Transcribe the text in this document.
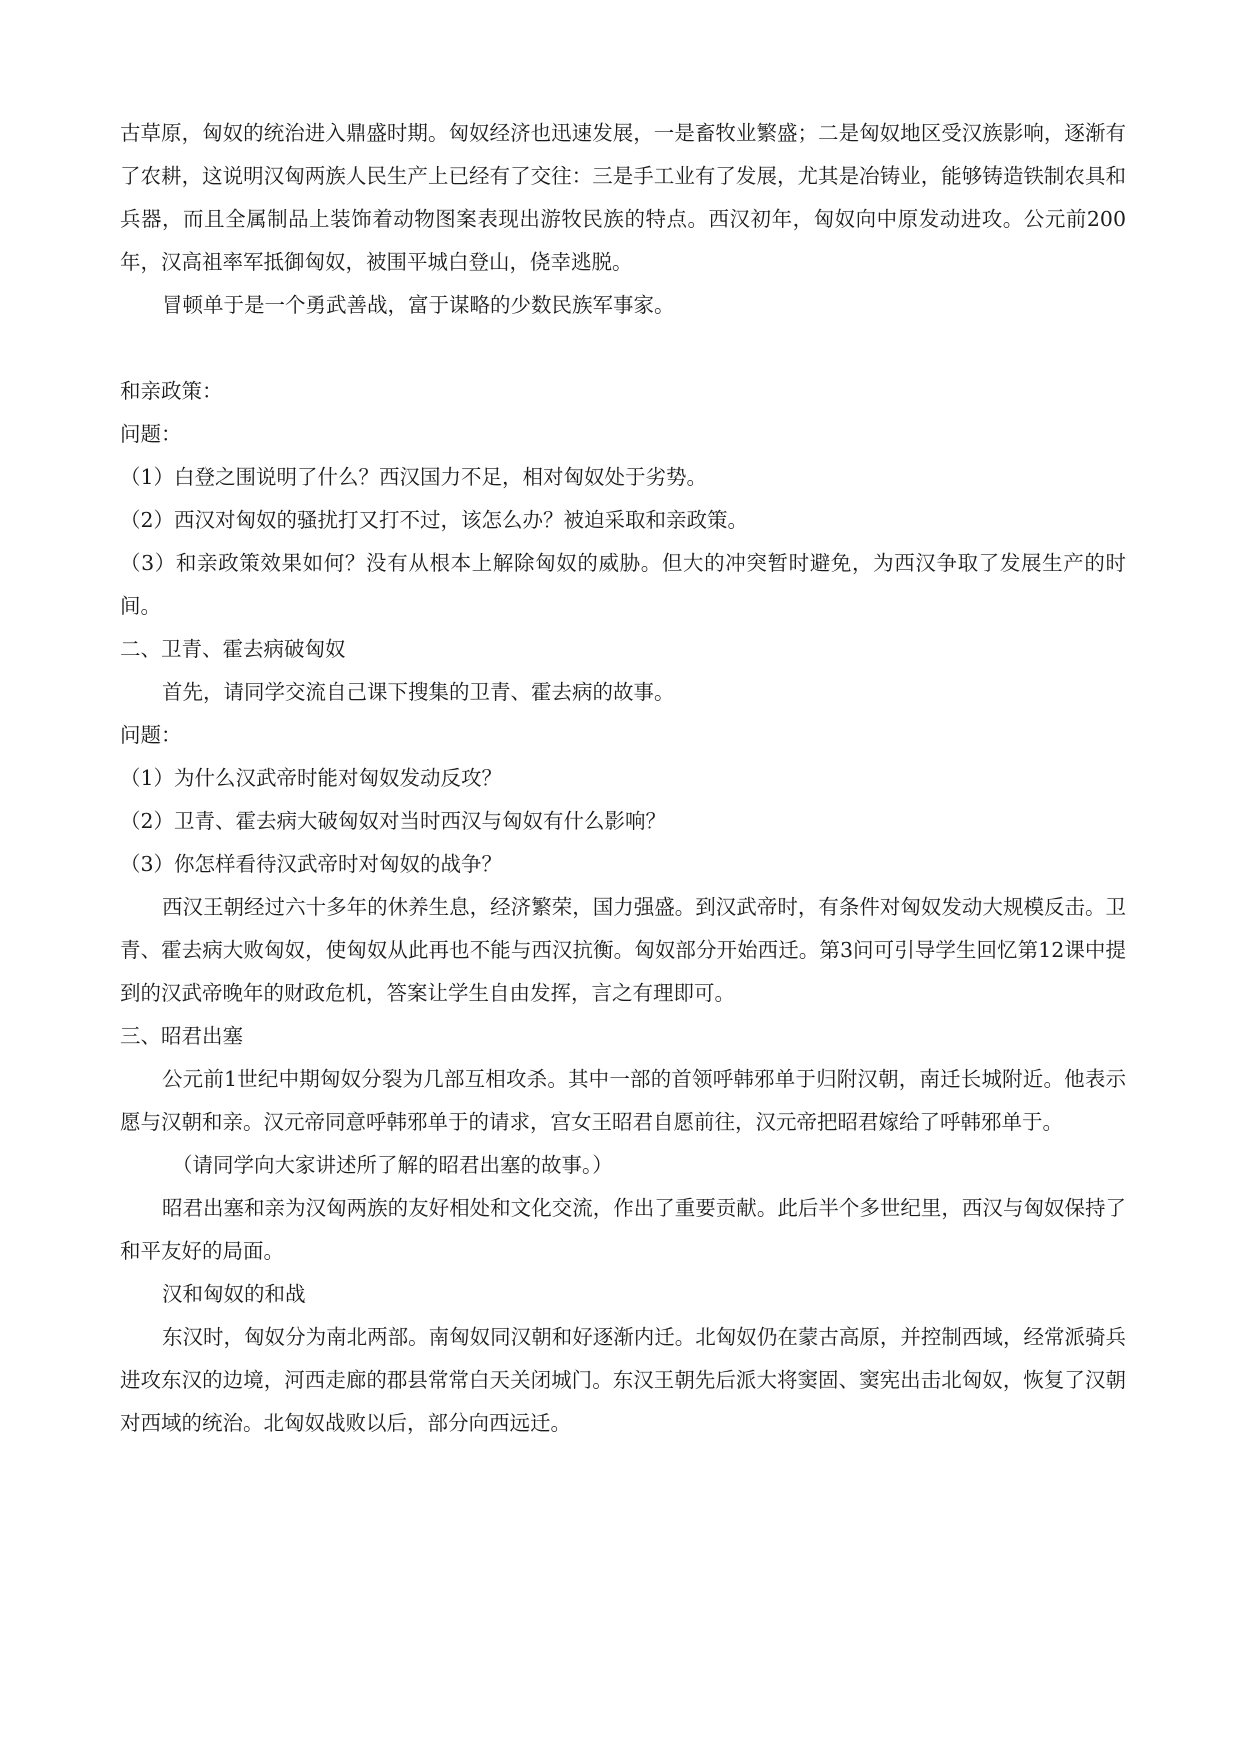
古草原，匈奴的统治进入鼎盛时期。匈奴经济也迅速发展，一是畜牧业繁盛；二是匈奴地区受汉族影响，逐渐有了农耕，这说明汉匈两族人民生产上已经有了交往：三是手工业有了发展，尤其是冶铸业，能够铸造铁制农具和兵器，而且全属制品上装饰着动物图案表现出游牧民族的特点。西汉初年，匈奴向中原发动进攻。公元前200年，汉高祖率军抵御匈奴，被围平城白登山，侥幸逃脱。

冒顿单于是一个勇武善战，富于谋略的少数民族军事家。

和亲政策：

问题：

（1）白登之围说明了什么？西汉国力不足，相对匈奴处于劣势。

（2）西汉对匈奴的骚扰打又打不过，该怎么办？被迫采取和亲政策。

（3）和亲政策效果如何？没有从根本上解除匈奴的威胁。但大的冲突暂时避免，为西汉争取了发展生产的时间。

二、卫青、霍去病破匈奴

首先，请同学交流自己课下搜集的卫青、霍去病的故事。

问题：

（1）为什么汉武帝时能对匈奴发动反攻？

（2）卫青、霍去病大破匈奴对当时西汉与匈奴有什么影响？

（3）你怎样看待汉武帝时对匈奴的战争？

西汉王朝经过六十多年的休养生息，经济繁荣，国力强盛。到汉武帝时，有条件对匈奴发动大规模反击。卫青、霍去病大败匈奴，使匈奴从此再也不能与西汉抗衡。匈奴部分开始西迁。第3问可引导学生回忆第12课中提到的汉武帝晚年的财政危机，答案让学生自由发挥，言之有理即可。

三、昭君出塞

公元前1世纪中期匈奴分裂为几部互相攻杀。其中一部的首领呼韩邪单于归附汉朝，南迁长城附近。他表示愿与汉朝和亲。汉元帝同意呼韩邪单于的请求，宫女王昭君自愿前往，汉元帝把昭君嫁给了呼韩邪单于。

（请同学向大家讲述所了解的昭君出塞的故事。）

昭君出塞和亲为汉匈两族的友好相处和文化交流，作出了重要贡献。此后半个多世纪里，西汉与匈奴保持了和平友好的局面。

汉和匈奴的和战

东汉时，匈奴分为南北两部。南匈奴同汉朝和好逐渐内迁。北匈奴仍在蒙古高原，并控制西域，经常派骑兵进攻东汉的边境，河西走廊的郡县常常白天关闭城门。东汉王朝先后派大将窦固、窦宪出击北匈奴，恢复了汉朝对西域的统治。北匈奴战败以后，部分向西远迁。
